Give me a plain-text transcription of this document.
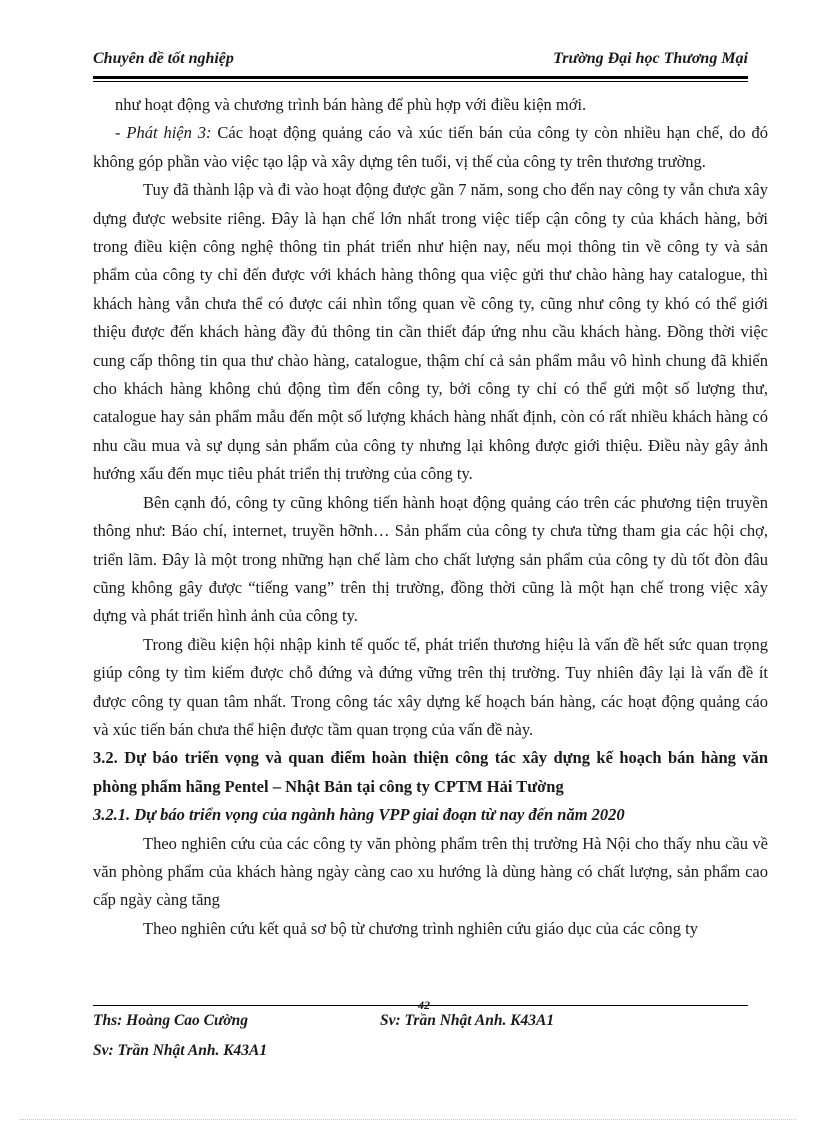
Chuyên đề tốt nghiệp	Trường Đại học Thương Mại

như hoạt động và chương trình bán hàng để phù hợp với điều kiện mới.

- Phát hiện 3: Các hoạt động quảng cáo và xúc tiến bán của công ty còn nhiều hạn chế, do đó không góp phần vào việc tạo lập và xây dựng tên tuổi, vị thế của công ty trên thương trường.

Tuy đã thành lập và đi vào hoạt động được gần 7 năm, song cho đến nay công ty vẫn chưa xây dựng được website riêng. Đây là hạn chế lớn nhất trong việc tiếp cận công ty của khách hàng, bởi trong điều kiện công nghệ thông tin phát triển như hiện nay, nếu mọi thông tin về công ty và sản phẩm của công ty chỉ đến được với khách hàng thông qua việc gửi thư chào hàng hay catalogue, thì khách hàng vẫn chưa thể có được cái nhìn tổng quan về công ty, cũng như công ty khó có thể giới thiệu được đến khách hàng đầy đủ thông tin cần thiết đáp ứng nhu cầu khách hàng. Đồng thời việc cung cấp thông tin qua thư chào hàng, catalogue, thậm chí cả sản phẩm mẫu vô hình chung đã khiến cho khách hàng không chủ động tìm đến công ty, bởi công ty chỉ có thể gửi một số lượng thư, catalogue hay sản phẩm mẫu đến một số lượng khách hàng nhất định, còn có rất nhiều khách hàng có nhu cầu mua và sự dụng sản phẩm của công ty nhưng lại không được giới thiệu. Điều này gây ảnh hướng xấu đến mục tiêu phát triển thị trường của công ty.

Bên cạnh đó, công ty cũng không tiến hành hoạt động quảng cáo trên các phương tiện truyền thông như: Báo chí, internet, truyền hỡnh… Sản phẩm của công ty chưa từng tham gia các hội chợ, triển lãm. Đây là một trong những hạn chế làm cho chất lượng sản phẩm của công ty dù tốt đòn đâu cũng không gây được “tiếng vang” trên thị trường, đồng thời cũng là một hạn chế trong việc xây dựng và phát triển hình ảnh của công ty.

Trong điều kiện hội nhập kinh tế quốc tế, phát triển thương hiệu là vấn đề hết sức quan trọng giúp công ty tìm kiếm được chỗ đứng và đứng vững trên thị trường. Tuy nhiên đây lại là vấn đề ít được công ty quan tâm nhất. Trong công tác xây dựng kế hoạch bán hàng, các hoạt động quảng cáo và xúc tiến bán chưa thể hiện được tầm quan trọng của vấn đề này.

3.2. Dự báo triển vọng và quan điểm hoàn thiện công tác xây dựng kế hoạch bán hàng văn phòng phẩm hãng Pentel – Nhật Bản tại công ty CPTM Hải Tường

3.2.1. Dự báo triển vọng của ngành hàng VPP giai đoạn từ nay đến năm 2020

Theo nghiên cứu của các công ty văn phòng phẩm trên thị trường Hà Nội cho thấy nhu cầu về văn phòng phẩm của khách hàng ngày càng cao xu hướng là dùng hàng có chất lượng, sản phẩm cao cấp ngày càng tăng

Theo nghiên cứu kết quả sơ bộ từ chương trình nghiên cứu giáo dục của các công ty

Ths: Hoàng Cao Cường	Sv: Trần Nhật Anh. K43A1
42
Sv: Trần Nhật Anh. K43A1
